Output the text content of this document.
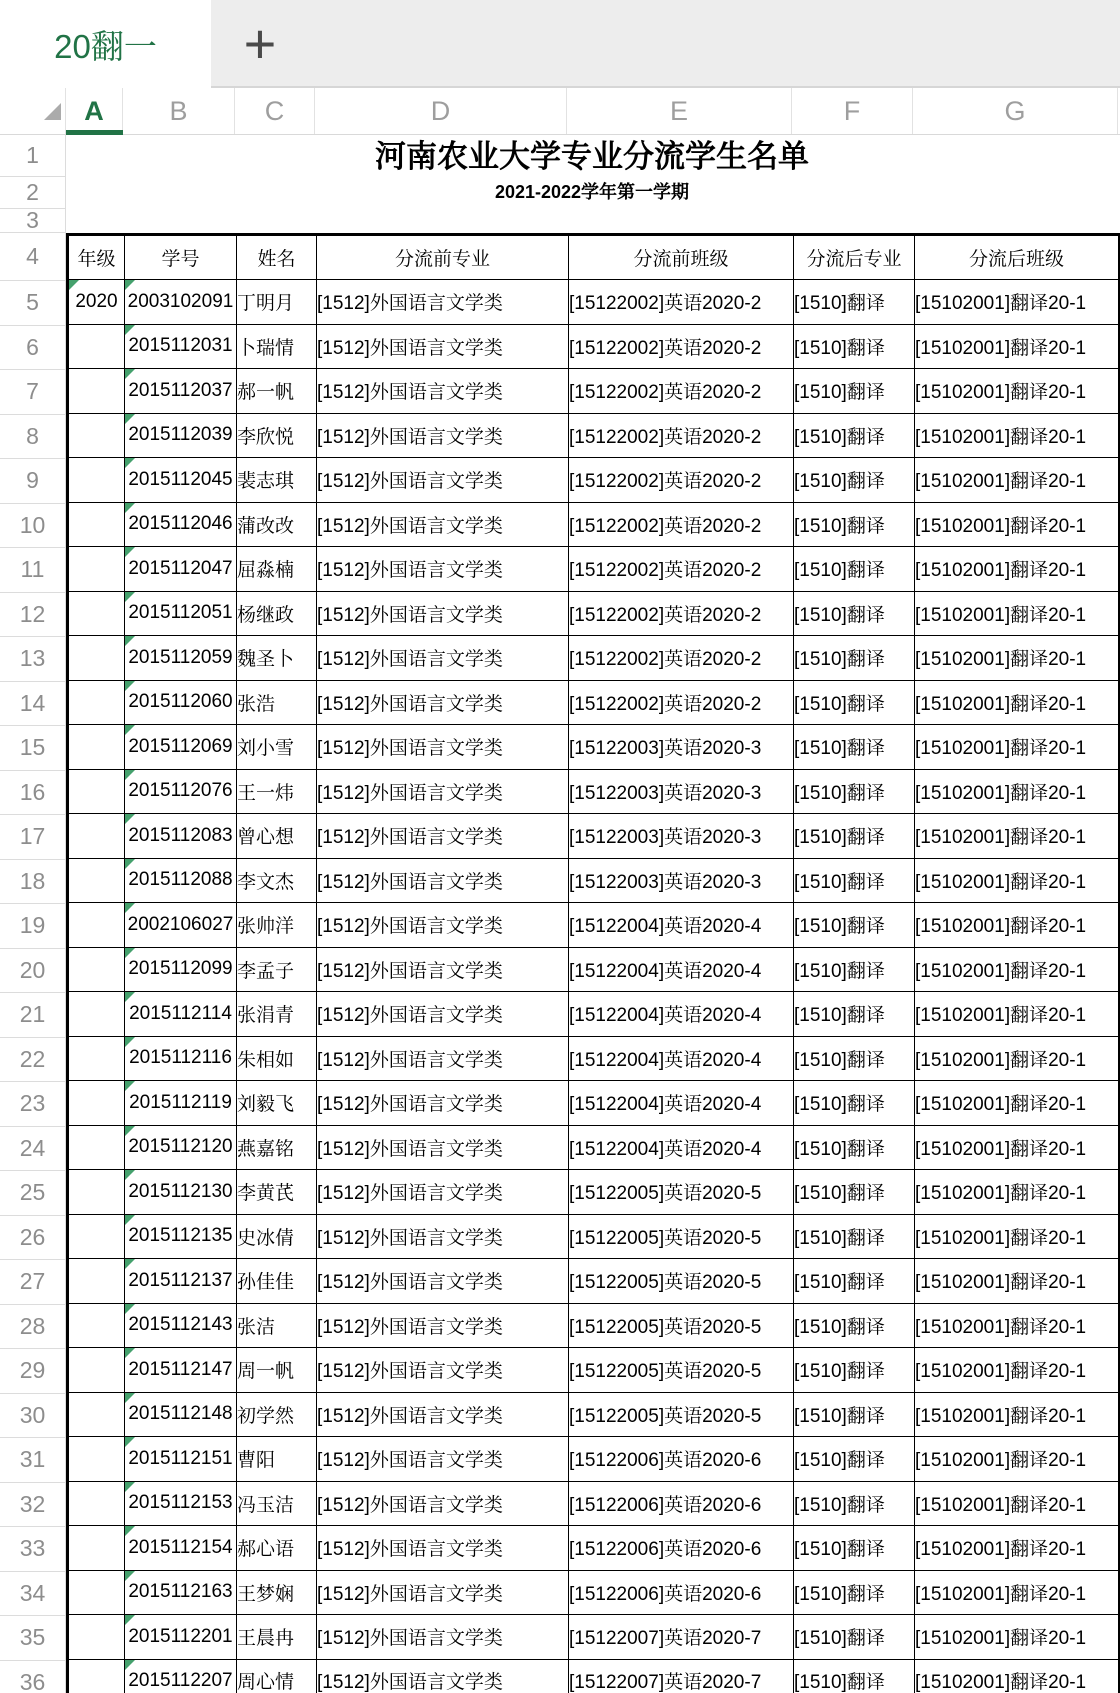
20翻一 +
A	B	C	D	E	F	G
1
2
3
4
5
6
7
8
9
10
11
12
13
14
15
16
17
18
19
20
21
22
23
24
25
26
27
28
29
30
31
32
33
34
35
36
河南农业大学专业分流学生名单
2021-2022学年第一学期
年级	学号	姓名	分流前专业	分流前班级	分流后专业	分流后班级
2020	2003102091	丁明月	[1512]外国语言文学类	[15122002]英语2020-2	[1510]翻译	[15102001]翻译20-1
	2015112031	卜瑞情	[1512]外国语言文学类	[15122002]英语2020-2	[1510]翻译	[15102001]翻译20-1
	2015112037	郝一帆	[1512]外国语言文学类	[15122002]英语2020-2	[1510]翻译	[15102001]翻译20-1
	2015112039	李欣悦	[1512]外国语言文学类	[15122002]英语2020-2	[1510]翻译	[15102001]翻译20-1
	2015112045	裴志琪	[1512]外国语言文学类	[15122002]英语2020-2	[1510]翻译	[15102001]翻译20-1
	2015112046	蒲改改	[1512]外国语言文学类	[15122002]英语2020-2	[1510]翻译	[15102001]翻译20-1
	2015112047	屈淼楠	[1512]外国语言文学类	[15122002]英语2020-2	[1510]翻译	[15102001]翻译20-1
	2015112051	杨继政	[1512]外国语言文学类	[15122002]英语2020-2	[1510]翻译	[15102001]翻译20-1
	2015112059	魏圣卜	[1512]外国语言文学类	[15122002]英语2020-2	[1510]翻译	[15102001]翻译20-1
	2015112060	张浩	[1512]外国语言文学类	[15122002]英语2020-2	[1510]翻译	[15102001]翻译20-1
	2015112069	刘小雪	[1512]外国语言文学类	[15122003]英语2020-3	[1510]翻译	[15102001]翻译20-1
	2015112076	王一炜	[1512]外国语言文学类	[15122003]英语2020-3	[1510]翻译	[15102001]翻译20-1
	2015112083	曾心想	[1512]外国语言文学类	[15122003]英语2020-3	[1510]翻译	[15102001]翻译20-1
	2015112088	李文杰	[1512]外国语言文学类	[15122003]英语2020-3	[1510]翻译	[15102001]翻译20-1
	2002106027	张帅洋	[1512]外国语言文学类	[15122004]英语2020-4	[1510]翻译	[15102001]翻译20-1
	2015112099	李孟子	[1512]外国语言文学类	[15122004]英语2020-4	[1510]翻译	[15102001]翻译20-1
	2015112114	张涓青	[1512]外国语言文学类	[15122004]英语2020-4	[1510]翻译	[15102001]翻译20-1
	2015112116	朱相如	[1512]外国语言文学类	[15122004]英语2020-4	[1510]翻译	[15102001]翻译20-1
	2015112119	刘毅飞	[1512]外国语言文学类	[15122004]英语2020-4	[1510]翻译	[15102001]翻译20-1
	2015112120	燕嘉铭	[1512]外国语言文学类	[15122004]英语2020-4	[1510]翻译	[15102001]翻译20-1
	2015112130	李黄芪	[1512]外国语言文学类	[15122005]英语2020-5	[1510]翻译	[15102001]翻译20-1
	2015112135	史冰倩	[1512]外国语言文学类	[15122005]英语2020-5	[1510]翻译	[15102001]翻译20-1
	2015112137	孙佳佳	[1512]外国语言文学类	[15122005]英语2020-5	[1510]翻译	[15102001]翻译20-1
	2015112143	张洁	[1512]外国语言文学类	[15122005]英语2020-5	[1510]翻译	[15102001]翻译20-1
	2015112147	周一帆	[1512]外国语言文学类	[15122005]英语2020-5	[1510]翻译	[15102001]翻译20-1
	2015112148	初学然	[1512]外国语言文学类	[15122005]英语2020-5	[1510]翻译	[15102001]翻译20-1
	2015112151	曹阳	[1512]外国语言文学类	[15122006]英语2020-6	[1510]翻译	[15102001]翻译20-1
	2015112153	冯玉洁	[1512]外国语言文学类	[15122006]英语2020-6	[1510]翻译	[15102001]翻译20-1
	2015112154	郝心语	[1512]外国语言文学类	[15122006]英语2020-6	[1510]翻译	[15102001]翻译20-1
	2015112163	王梦娴	[1512]外国语言文学类	[15122006]英语2020-6	[1510]翻译	[15102001]翻译20-1
	2015112201	王晨冉	[1512]外国语言文学类	[15122007]英语2020-7	[1510]翻译	[15102001]翻译20-1
	2015112207	周心情	[1512]外国语言文学类	[15122007]英语2020-7	[1510]翻译	[15102001]翻译20-1
